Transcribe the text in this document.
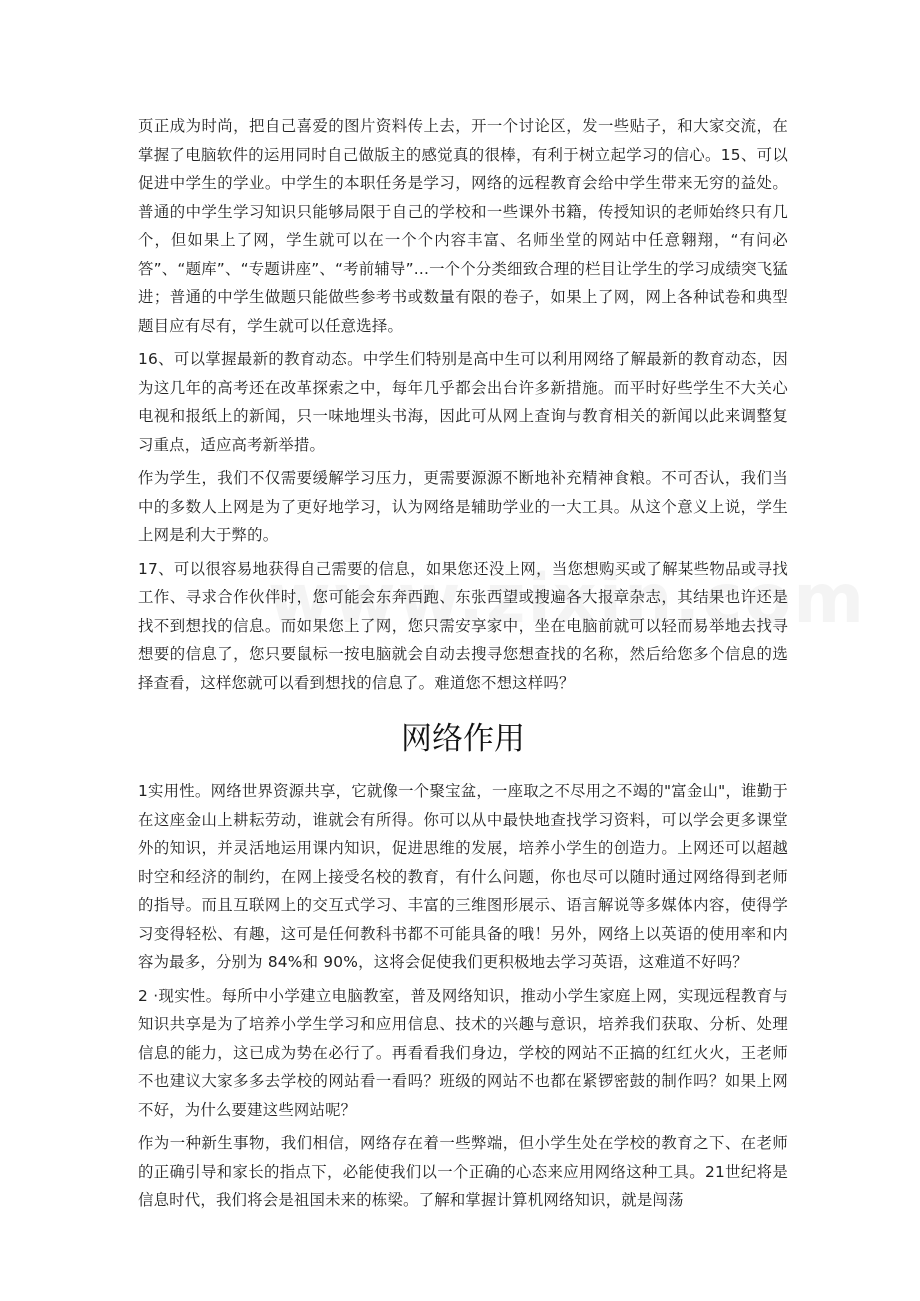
页正成为时尚，把自己喜爱的图片资料传上去，开一个讨论区，发一些贴子，和大家交流，在掌握了电脑软件的运用同时自己做版主的感觉真的很棒，有利于树立起学习的信心。15、可以促进中学生的学业。中学生的本职任务是学习，网络的远程教育会给中学生带来无穷的益处。普通的中学生学习知识只能够局限于自己的学校和一些课外书籍，传授知识的老师始终只有几个，但如果上了网，学生就可以在一个个内容丰富、名师坐堂的网站中任意翱翔，“有问必答”、“题库”、“专题讲座”、“考前辅导”...一个个分类细致合理的栏目让学生的学习成绩突飞猛进；普通的中学生做题只能做些参考书或数量有限的卷子，如果上了网，网上各种试卷和典型题目应有尽有，学生就可以任意选择。

16、可以掌握最新的教育动态。中学生们特别是高中生可以利用网络了解最新的教育动态，因为这几年的高考还在改革探索之中，每年几乎都会出台许多新措施。而平时好些学生不大关心电视和报纸上的新闻，只一味地埋头书海，因此可从网上查询与教育相关的新闻以此来调整复习重点，适应高考新举措。

作为学生，我们不仅需要缓解学习压力，更需要源源不断地补充精神食粮。不可否认，我们当中的多数人上网是为了更好地学习，认为网络是辅助学业的一大工具。从这个意义上说，学生上网是利大于弊的。

17、可以很容易地获得自己需要的信息，如果您还没上网，当您想购买或了解某些物品或寻找工作、寻求合作伙伴时，您可能会东奔西跑、东张西望或搜遍各大报章杂志，其结果也许还是找不到想找的信息。而如果您上了网，您只需安享家中，坐在电脑前就可以轻而易举地去找寻想要的信息了，您只要鼠标一按电脑就会自动去搜寻您想查找的名称，然后给您多个信息的选择查看，这样您就可以看到想找的信息了。难道您不想这样吗？

网络作用

1实用性。网络世界资源共享，它就像一个聚宝盆，一座取之不尽用之不竭的"富金山"，谁勤于在这座金山上耕耘劳动，谁就会有所得。你可以从中最快地查找学习资料，可以学会更多课堂外的知识，并灵活地运用课内知识，促进思维的发展，培养小学生的创造力。上网还可以超越时空和经济的制约，在网上接受名校的教育，有什么问题，你也尽可以随时通过网络得到老师的指导。而且互联网上的交互式学习、丰富的三维图形展示、语言解说等多媒体内容，使得学习变得轻松、有趣，这可是任何教科书都不可能具备的哦！另外，网络上以英语的使用率和内容为最多，分别为 84%和 90%，这将会促使我们更积极地去学习英语，这难道不好吗？

2 ·现实性。每所中小学建立电脑教室，普及网络知识，推动小学生家庭上网，实现远程教育与知识共享是为了培养小学生学习和应用信息、技术的兴趣与意识，培养我们获取、分析、处理信息的能力，这已成为势在必行了。再看看我们身边，学校的网站不正搞的红红火火，王老师不也建议大家多多去学校的网站看一看吗？班级的网站不也都在紧锣密鼓的制作吗？如果上网不好，为什么要建这些网站呢？

作为一种新生事物，我们相信，网络存在着一些弊端，但小学生处在学校的教育之下、在老师的正确引导和家长的指点下，必能使我们以一个正确的心态来应用网络这种工具。21世纪将是信息时代，我们将会是祖国未来的栋梁。了解和掌握计算机网络知识，就是闯荡
